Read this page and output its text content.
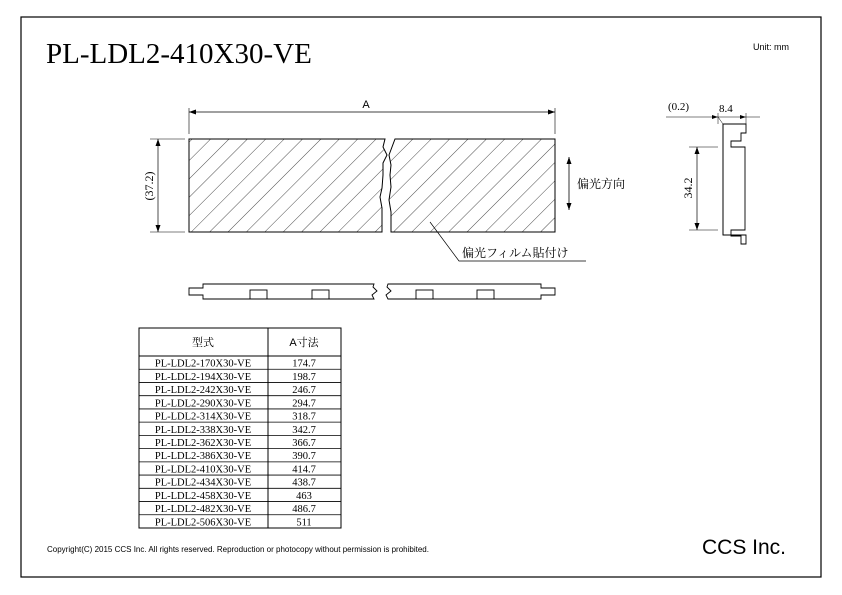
PL-LDL2-410X30-VE	Unit: mm
A
(37.2)	偏光方向
偏光フィルム貼付け
(0.2)	8.4
34.2
型式	A寸法
PL-LDL2-170X30-VE	174.7
PL-LDL2-194X30-VE	198.7
PL-LDL2-242X30-VE	246.7
PL-LDL2-290X30-VE	294.7
PL-LDL2-314X30-VE	318.7
PL-LDL2-338X30-VE	342.7
PL-LDL2-362X30-VE	366.7
PL-LDL2-386X30-VE	390.7
PL-LDL2-410X30-VE	414.7
PL-LDL2-434X30-VE	438.7
PL-LDL2-458X30-VE	463
PL-LDL2-482X30-VE	486.7
PL-LDL2-506X30-VE	511
Copyright(C) 2015 CCS Inc. All rights reserved. Reproduction or photocopy without permission is prohibited.	CCS Inc.
